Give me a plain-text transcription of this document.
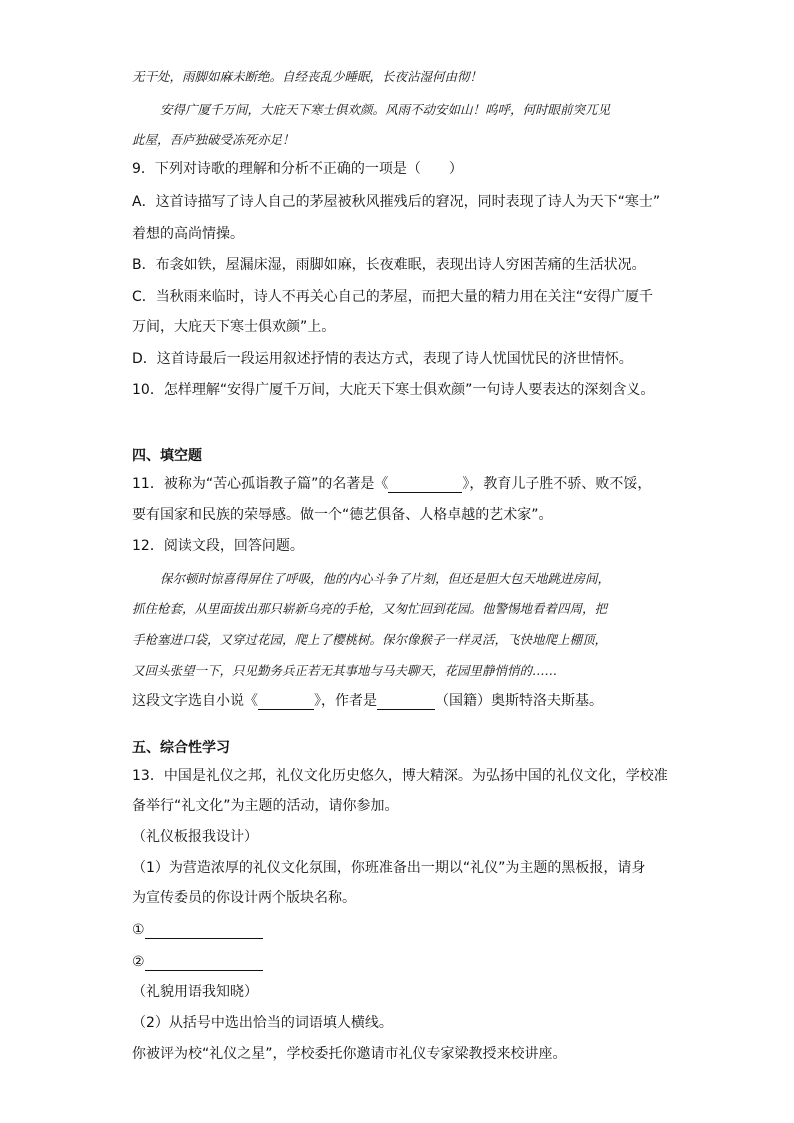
无干处，雨脚如麻未断绝。自经丧乱少睡眠，长夜沾湿何由彻！
安得广厦千万间，大庇天下寒士俱欢颜。风雨不动安如山！呜呼，何时眼前突兀见
此屋，吾庐独破受冻死亦足！
9．下列对诗歌的理解和分析不正确的一项是（　　）
A．这首诗描写了诗人自己的茅屋被秋风摧残后的窘况，同时表现了诗人为天下“寒士”
着想的高尚情操。
B．布衾如铁，屋漏床湿，雨脚如麻，长夜难眠，表现出诗人穷困苦痛的生活状况。
C．当秋雨来临时，诗人不再关心自己的茅屋，而把大量的精力用在关注“安得广厦千
万间，大庇天下寒士俱欢颜”上。
D．这首诗最后一段运用叙述抒情的表达方式，表现了诗人忧国忧民的济世情怀。
10．怎样理解“安得广厦千万间，大庇天下寒士俱欢颜”一句诗人要表达的深刻含义。
四、填空题
11．被称为“苦心孤诣教子篇”的名著是《	》，教育儿子胜不骄、败不馁，
要有国家和民族的荣辱感。做一个“德艺俱备、人格卓越的艺术家”。
12．阅读文段，回答问题。
保尔顿时惊喜得屏住了呼吸，他的内心斗争了片刻，但还是胆大包天地跳进房间，
抓住枪套，从里面拔出那只崭新乌亮的手枪，又匆忙回到花园。他警惕地看着四周，把
手枪塞进口袋，又穿过花园，爬上了樱桃树。保尔像猴子一样灵活，飞快地爬上棚顶，
又回头张望一下，只见勤务兵正若无其事地与马夫聊天，花园里静悄悄的……
这段文字选自小说《	》，作者是	（国籍）奥斯特洛夫斯基。
五、综合性学习
13．中国是礼仪之邦，礼仪文化历史悠久，博大精深。为弘扬中国的礼仪文化，学校准
备举行“礼文化”为主题的活动，请你参加。
（礼仪板报我设计）
（1）为营造浓厚的礼仪文化氛围，你班准备出一期以“礼仪”为主题的黑板报，请身
为宣传委员的你设计两个版块名称。
①
②
（礼貌用语我知晓）
（2）从括号中选出恰当的词语填人横线。
你被评为校“礼仪之星”，学校委托你邀请市礼仪专家梁教授来校讲座。
